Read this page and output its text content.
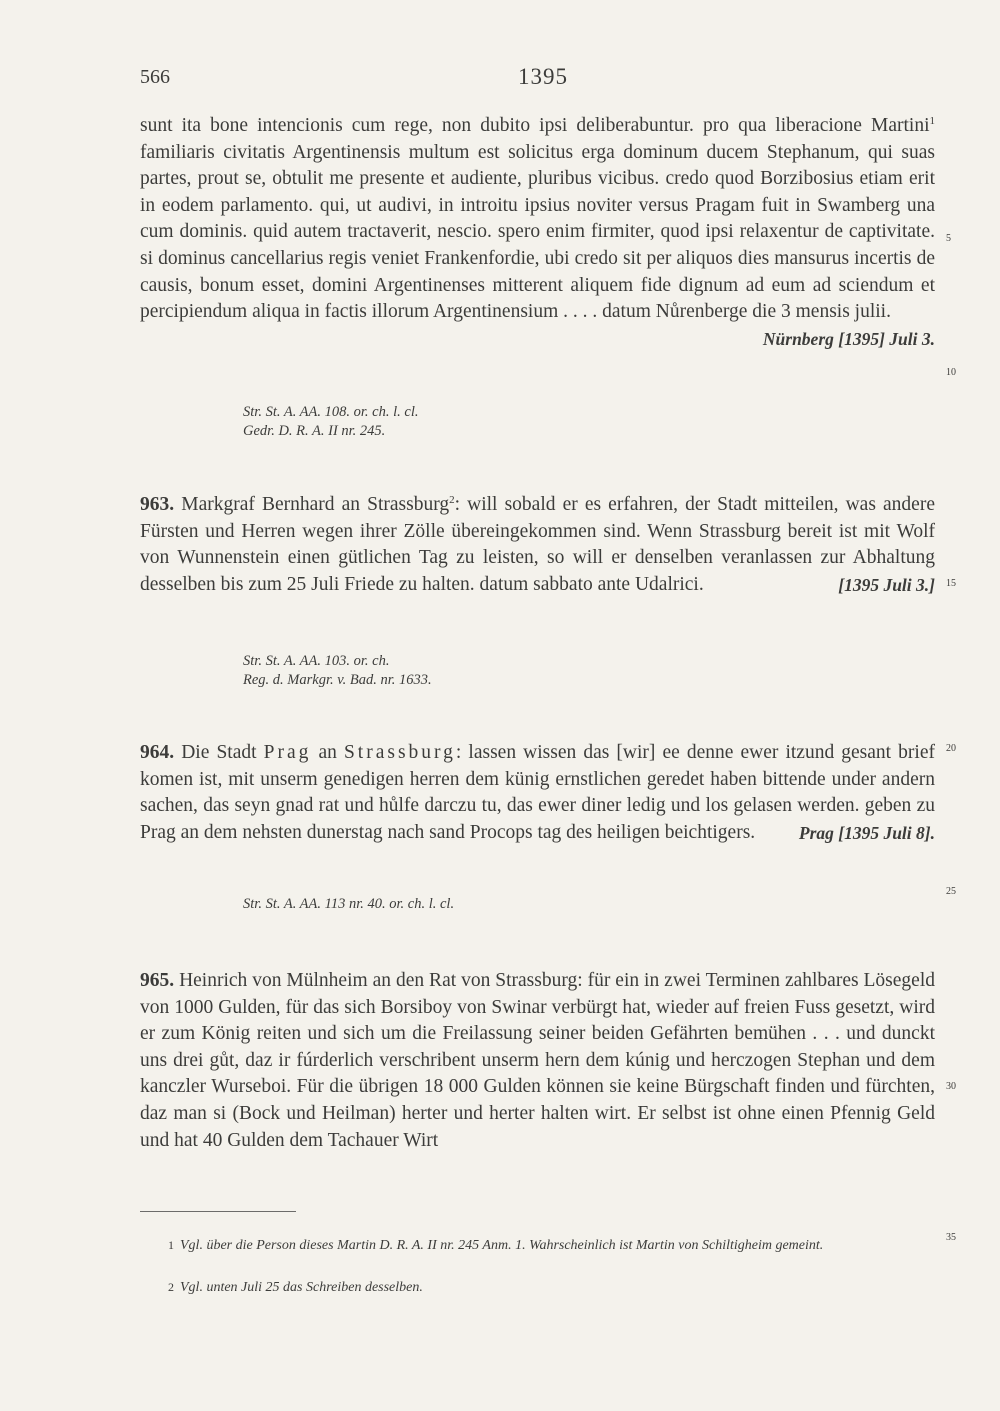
566	1395

sunt ita bone intencionis cum rege, non dubito ipsi deliberabuntur. pro qua liberacione Martini$^1$ familiaris civitatis Argentinensis multum est solicitus erga dominum ducem Stephanum, qui suas partes, prout se, obtulit me presente et audiente, pluribus vicibus. credo quod Borzibosius etiam erit in eodem parlamento. qui, ut audivi, in introitu ipsius noviter versus Pragam fuit in Swamberg una cum dominis. quid autem tractaverit, nescio. spero enim firmiter, quod ipsi relaxentur de captivitate. si dominus cancellarius regis veniet Frankenfordie, ubi credo sit per aliquos dies mansurus incertis de causis, bonum esset, domini Argentinenses mitterent aliquem fide dignum ad eum ad sciendum et percipiendum aliqua in factis illorum Argentinensium . . . . datum Nůrenberge die 3 mensis julii.
Nürnberg [1395] Juli 3.

Str. St. A. AA. 108. or. ch. l. cl.
Gedr. D. R. A. II nr. 245.

963. Markgraf Bernhard an Strassburg$^2$: will sobald er es erfahren, der Stadt mitteilen, was andere Fürsten und Herren wegen ihrer Zölle übereingekommen sind. Wenn Strassburg bereit ist mit Wolf von Wunnenstein einen gütlichen Tag zu leisten, so will er denselben veranlassen zur Abhaltung desselben bis zum 25 Juli Friede zu halten. datum sabbato ante Udalrici.	[1395 Juli 3.]

Str. St. A. AA. 103. or. ch.
Reg. d. Markgr. v. Bad. nr. 1633.

964. Die Stadt Prag an Strassburg: lassen wissen das [wir] ee denne ewer itzund gesant brief komen ist, mit unserm genedigen herren dem künig ernstlichen geredet haben bittende under andern sachen, das seyn gnad rat und hůlfe darczu tu, das ewer diner ledig und los gelasen werden. geben zu Prag an dem nehsten dunerstag nach sand Procops tag des heiligen beichtigers. Prag [1395 Juli 8].

Str. St. A. AA. 113 nr. 40. or. ch. l. cl.

965. Heinrich von Mülnheim an den Rat von Strassburg: für ein in zwei Terminen zahlbares Lösegeld von 1000 Gulden, für das sich Borsiboy von Swinar verbürgt hat, wieder auf freien Fuss gesetzt, wird er zum König reiten und sich um die Freilassung seiner beiden Gefährten bemühen . . . und dunckt uns drei gůt, daz ir fúrderlich verschribent unserm hern dem kúnig und herczogen Stephan und dem kanczler Wurseboi. Für die übrigen 18 000 Gulden können sie keine Bürgschaft finden und fürchten, daz man si (Bock und Heilman) herter und herter halten wirt. Er selbst ist ohne einen Pfennig Geld und hat 40 Gulden dem Tachauer Wirt

5
10
15
20
25
30
35
1 Vgl. über die Person dieses Martin D. R. A. II nr. 245 Anm. 1. Wahrscheinlich ist Martin von Schiltigheim gemeint.
2 Vgl. unten Juli 25 das Schreiben desselben.
